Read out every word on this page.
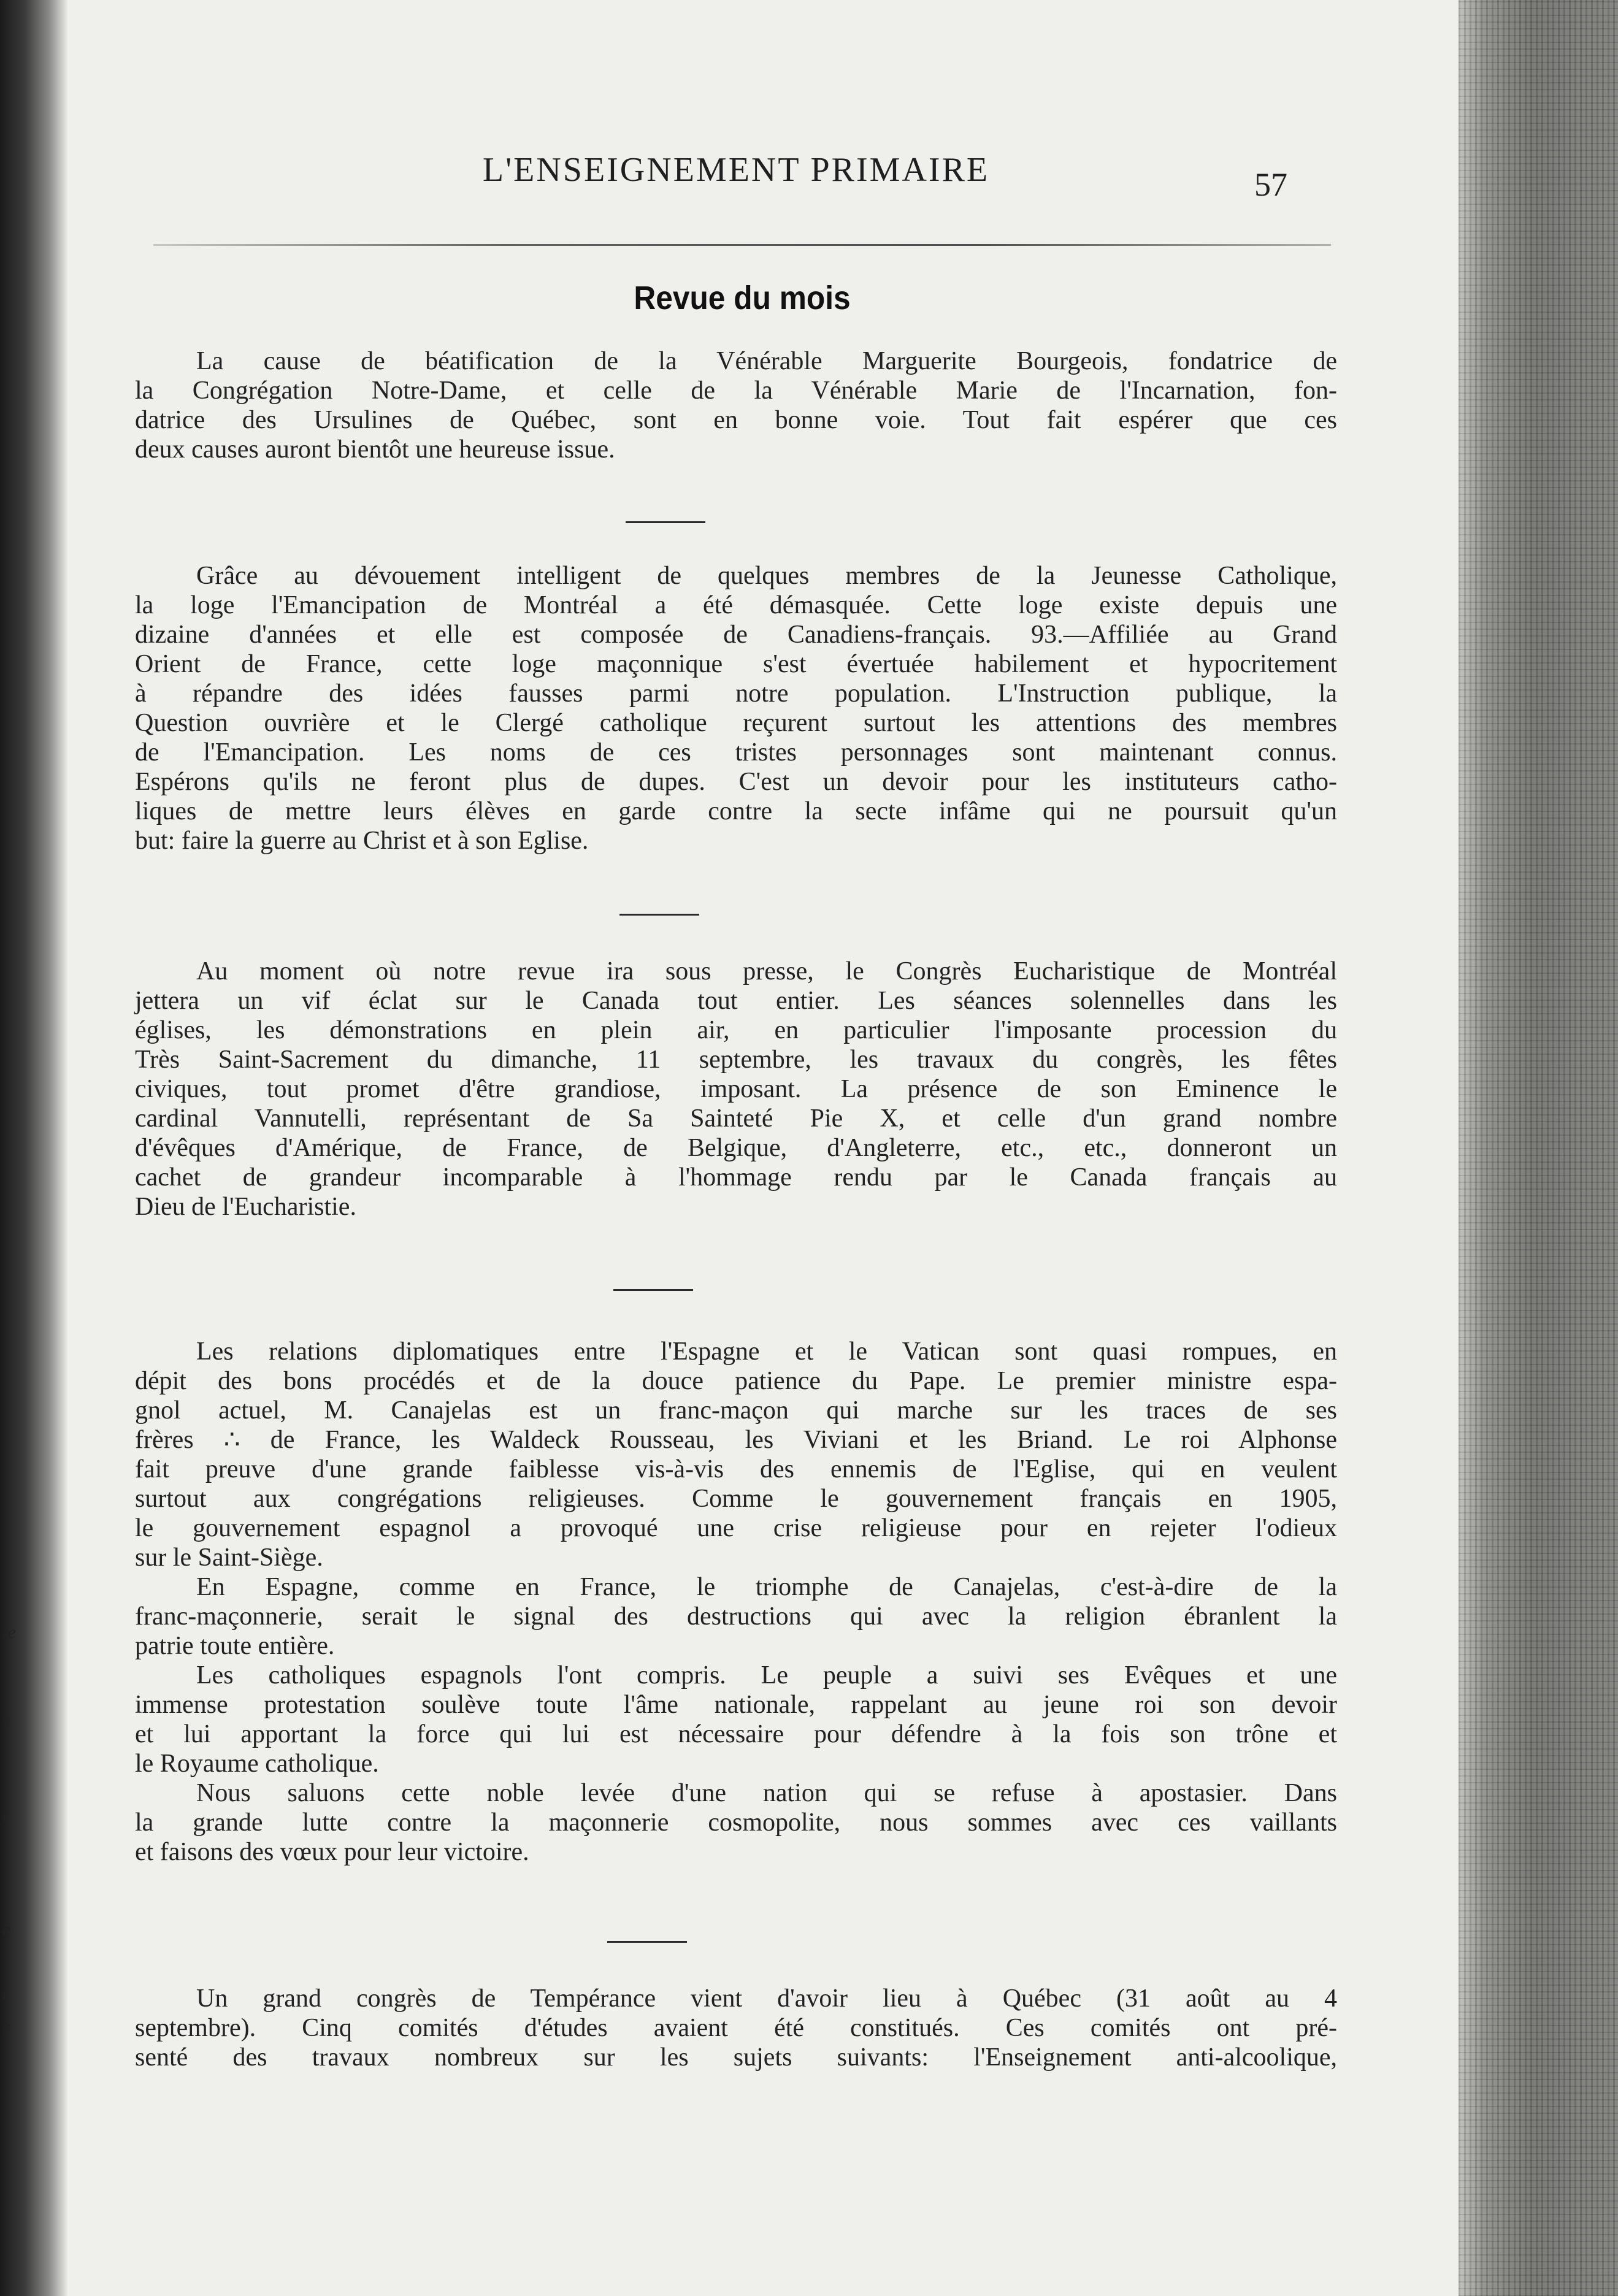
le
s
t
e
t
r
L'ENSEIGNEMENT PRIMAIRE	57
Revue du mois
La cause de béatification de la Vénérable Marguerite Bourgeois, fondatrice de
la Congrégation Notre-Dame, et celle de la Vénérable Marie de l'Incarnation, fon-
datrice des Ursulines de Québec, sont en bonne voie. Tout fait espérer que ces
deux causes auront bientôt une heureuse issue.
Grâce au dévouement intelligent de quelques membres de la Jeunesse Catholique,
la loge l'Emancipation de Montréal a été démasquée. Cette loge existe depuis une
dizaine d'années et elle est composée de Canadiens-français. 93.—Affiliée au Grand
Orient de France, cette loge maçonnique s'est évertuée habilement et hypocritement
à répandre des idées fausses parmi notre population. L'Instruction publique, la
Question ouvrière et le Clergé catholique reçurent surtout les attentions des membres
de l'Emancipation. Les noms de ces tristes personnages sont maintenant connus.
Espérons qu'ils ne feront plus de dupes. C'est un devoir pour les instituteurs catho-
liques de mettre leurs élèves en garde contre la secte infâme qui ne poursuit qu'un
but: faire la guerre au Christ et à son Eglise.
Au moment où notre revue ira sous presse, le Congrès Eucharistique de Montréal
jettera un vif éclat sur le Canada tout entier. Les séances solennelles dans les
églises, les démonstrations en plein air, en particulier l'imposante procession du
Très Saint-Sacrement du dimanche, 11 septembre, les travaux du congrès, les fêtes
civiques, tout promet d'être grandiose, imposant. La présence de son Eminence le
cardinal Vannutelli, représentant de Sa Sainteté Pie X, et celle d'un grand nombre
d'évêques d'Amérique, de France, de Belgique, d'Angleterre, etc., etc., donneront un
cachet de grandeur incomparable à l'hommage rendu par le Canada français au
Dieu de l'Eucharistie.
Les relations diplomatiques entre l'Espagne et le Vatican sont quasi rompues, en
dépit des bons procédés et de la douce patience du Pape. Le premier ministre espa-
gnol actuel, M. Canajelas est un franc-maçon qui marche sur les traces de ses
frères ∴ de France, les Waldeck Rousseau, les Viviani et les Briand. Le roi Alphonse
fait preuve d'une grande faiblesse vis-à-vis des ennemis de l'Eglise, qui en veulent
surtout aux congrégations religieuses. Comme le gouvernement français en 1905,
le gouvernement espagnol a provoqué une crise religieuse pour en rejeter l'odieux
sur le Saint-Siège.
En Espagne, comme en France, le triomphe de Canajelas, c'est-à-dire de la
franc-maçonnerie, serait le signal des destructions qui avec la religion ébranlent la
patrie toute entière.
Les catholiques espagnols l'ont compris. Le peuple a suivi ses Evêques et une
immense protestation soulève toute l'âme nationale, rappelant au jeune roi son devoir
et lui apportant la force qui lui est nécessaire pour défendre à la fois son trône et
le Royaume catholique.
Nous saluons cette noble levée d'une nation qui se refuse à apostasier. Dans
la grande lutte contre la maçonnerie cosmopolite, nous sommes avec ces vaillants
et faisons des vœux pour leur victoire.
Un grand congrès de Tempérance vient d'avoir lieu à Québec (31 août au 4
septembre). Cinq comités d'études avaient été constitués. Ces comités ont pré-
senté des travaux nombreux sur les sujets suivants: l'Enseignement anti-alcoolique,
